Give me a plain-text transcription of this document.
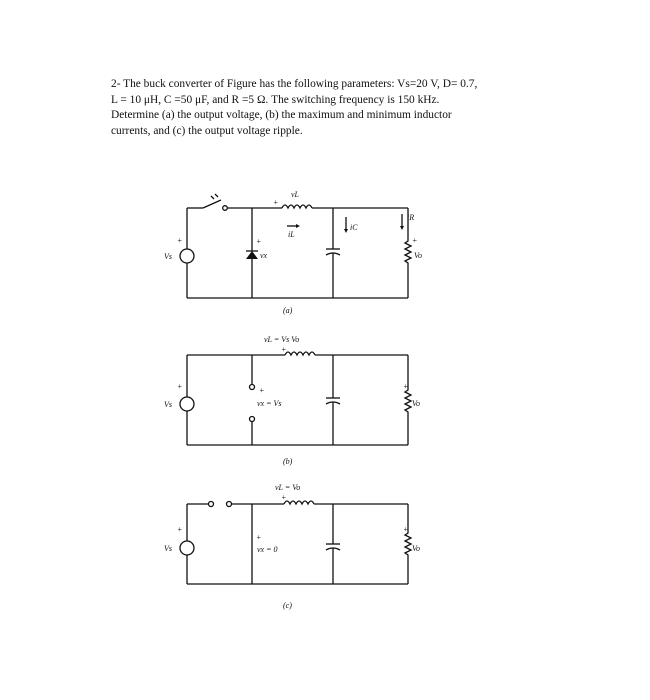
2- The buck converter of Figure has the following parameters: Vs=20 V, D= 0.7,

L = 10 μH, C =50 μF, and R =5 Ω. The switching frequency is 150 kHz.

Determine (a) the output voltage, (b) the maximum and minimum inductor

currents, and (c) the output voltage ripple.

+
Vs
+
vL
iL
iC
iR
+
vx
+
Vo
(a)
vL = Vs Vo
+
+
Vs
+
vx = Vs
+
Vo
(b)
vL = Vo
+
+
Vs
+
vx = 0
+
Vo
(c)
